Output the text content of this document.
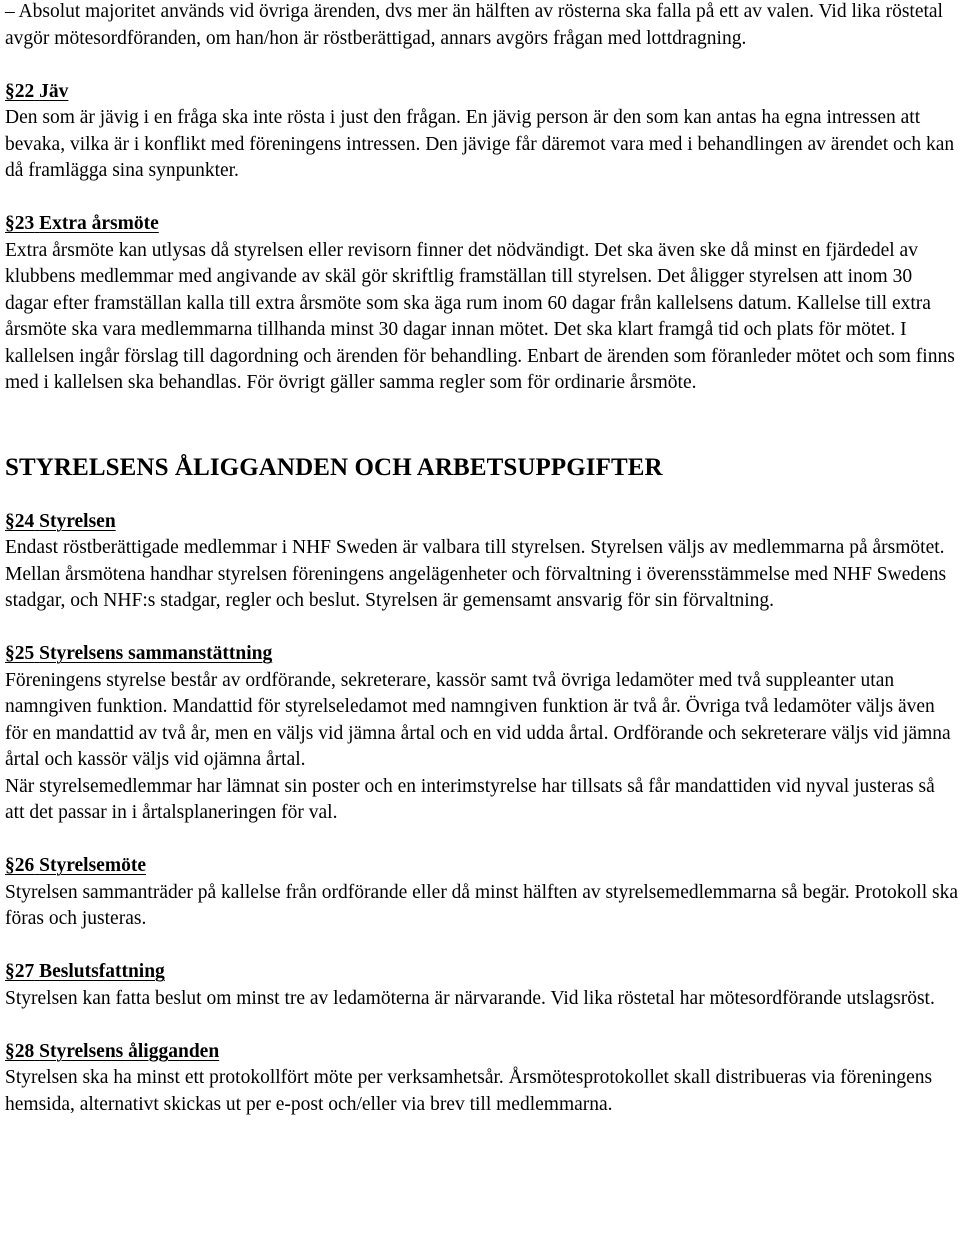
– Absolut majoritet används vid övriga ärenden, dvs mer än hälften av rösterna ska falla på ett av valen. Vid lika röstetal avgör mötesordföranden, om han/hon är röstberättigad, annars avgörs frågan med lottdragning.

§22 Jäv

Den som är jävig i en fråga ska inte rösta i just den frågan. En jävig person är den som kan antas ha egna intressen att bevaka, vilka är i konflikt med föreningens intressen. Den jävige får däremot vara med i behandlingen av ärendet och kan då framlägga sina synpunkter.

§23 Extra årsmöte

Extra årsmöte kan utlysas då styrelsen eller revisorn finner det nödvändigt. Det ska även ske då minst en fjärdedel av klubbens medlemmar med angivande av skäl gör skriftlig framställan till styrelsen. Det åligger styrelsen att inom 30 dagar efter framställan kalla till extra årsmöte som ska äga rum inom 60 dagar från kallelsens datum. Kallelse till extra årsmöte ska vara medlemmarna tillhanda minst 30 dagar innan mötet. Det ska klart framgå tid och plats för mötet. I kallelsen ingår förslag till dagordning och ärenden för behandling. Enbart de ärenden som föranleder mötet och som finns med i kallelsen ska behandlas. För övrigt gäller samma regler som för ordinarie årsmöte.

STYRELSENS ÅLIGGANDEN OCH ARBETSUPPGIFTER
§24 Styrelsen

Endast röstberättigade medlemmar i NHF Sweden är valbara till styrelsen. Styrelsen väljs av medlemmarna på årsmötet. Mellan årsmötena handhar styrelsen föreningens angelägenheter och förvaltning i överensstämmelse med NHF Swedens stadgar, och NHF:s stadgar, regler och beslut. Styrelsen är gemensamt ansvarig för sin förvaltning.

§25 Styrelsens sammanstättning

Föreningens styrelse består av ordförande, sekreterare, kassör samt två övriga ledamöter med två suppleanter utan namngiven funktion. Mandattid för styrelseledamot med namngiven funktion är två år. Övriga två ledamöter väljs även för en mandattid av två år, men en väljs vid jämna årtal och en vid udda årtal. Ordförande och sekreterare väljs vid jämna årtal och kassör väljs vid ojämna årtal.

När styrelsemedlemmar har lämnat sin poster och en interimstyrelse har tillsats så får mandattiden vid nyval justeras så att det passar in i årtalsplaneringen för val.

§26 Styrelsemöte

Styrelsen sammanträder på kallelse från ordförande eller då minst hälften av styrelsemedlemmarna så begär. Protokoll ska föras och justeras.

§27 Beslutsfattning

Styrelsen kan fatta beslut om minst tre av ledamöterna är närvarande. Vid lika röstetal har mötesordförande utslagsröst.

§28 Styrelsens åligganden

Styrelsen ska ha minst ett protokollfört möte per verksamhetsår. Årsmötesprotokollet skall distribueras via föreningens hemsida, alternativt skickas ut per e-post och/eller via brev till medlemmarna.
